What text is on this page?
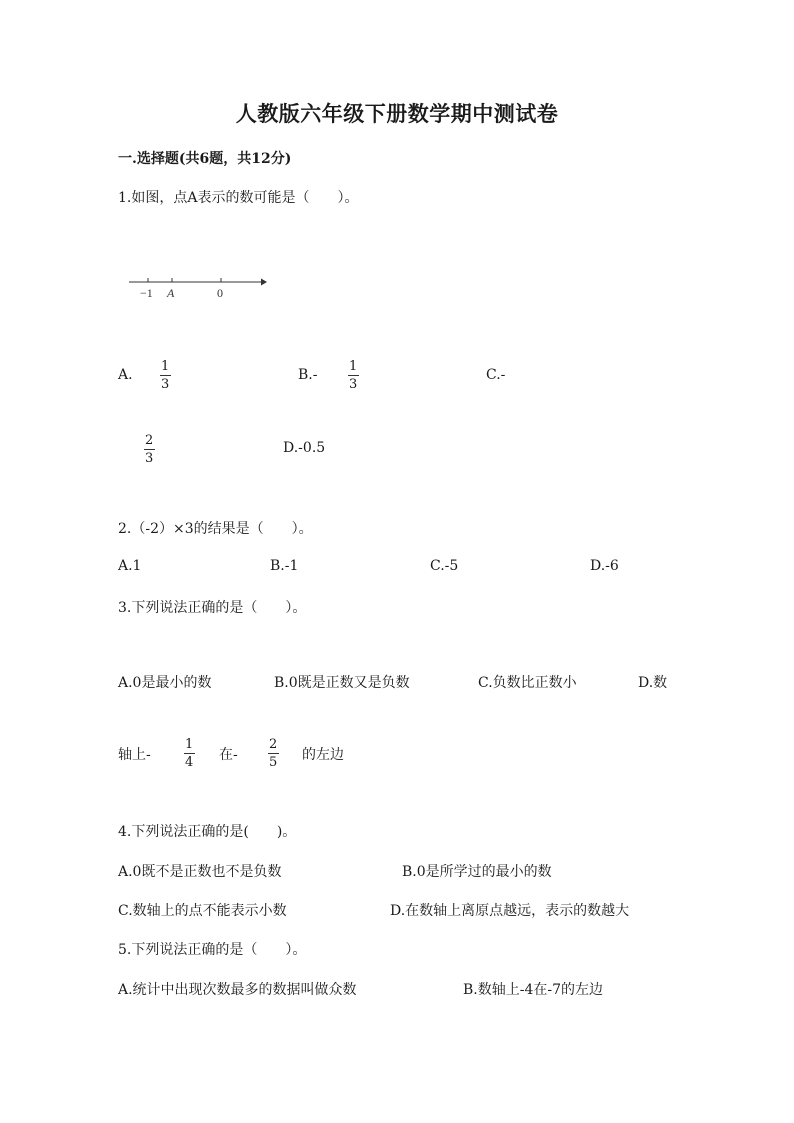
人教版六年级下册数学期中测试卷
一.选择题(共6题，共12分)
1.如图，点A表示的数可能是（　　）。
−1 A	0
A.
1
3
B.-
1
3
C.-
2
3
D.-0.5
2.（-2）×3的结果是（　　）。
A.1	B.-1	C.-5	D.-6
3.下列说法正确的是（　　）。
A.0是最小的数	B.0既是正数又是负数	C.负数比正数小	D.数
轴上-
1
4 在-
2
5 的左边
4.下列说法正确的是(　　)。
A.0既不是正数也不是负数	B.0是所学过的最小的数
C.数轴上的点不能表示小数	D.在数轴上离原点越远，表示的数越大
5.下列说法正确的是（　　）。
A.统计中出现次数最多的数据叫做众数	B.数轴上-4在-7的左边
